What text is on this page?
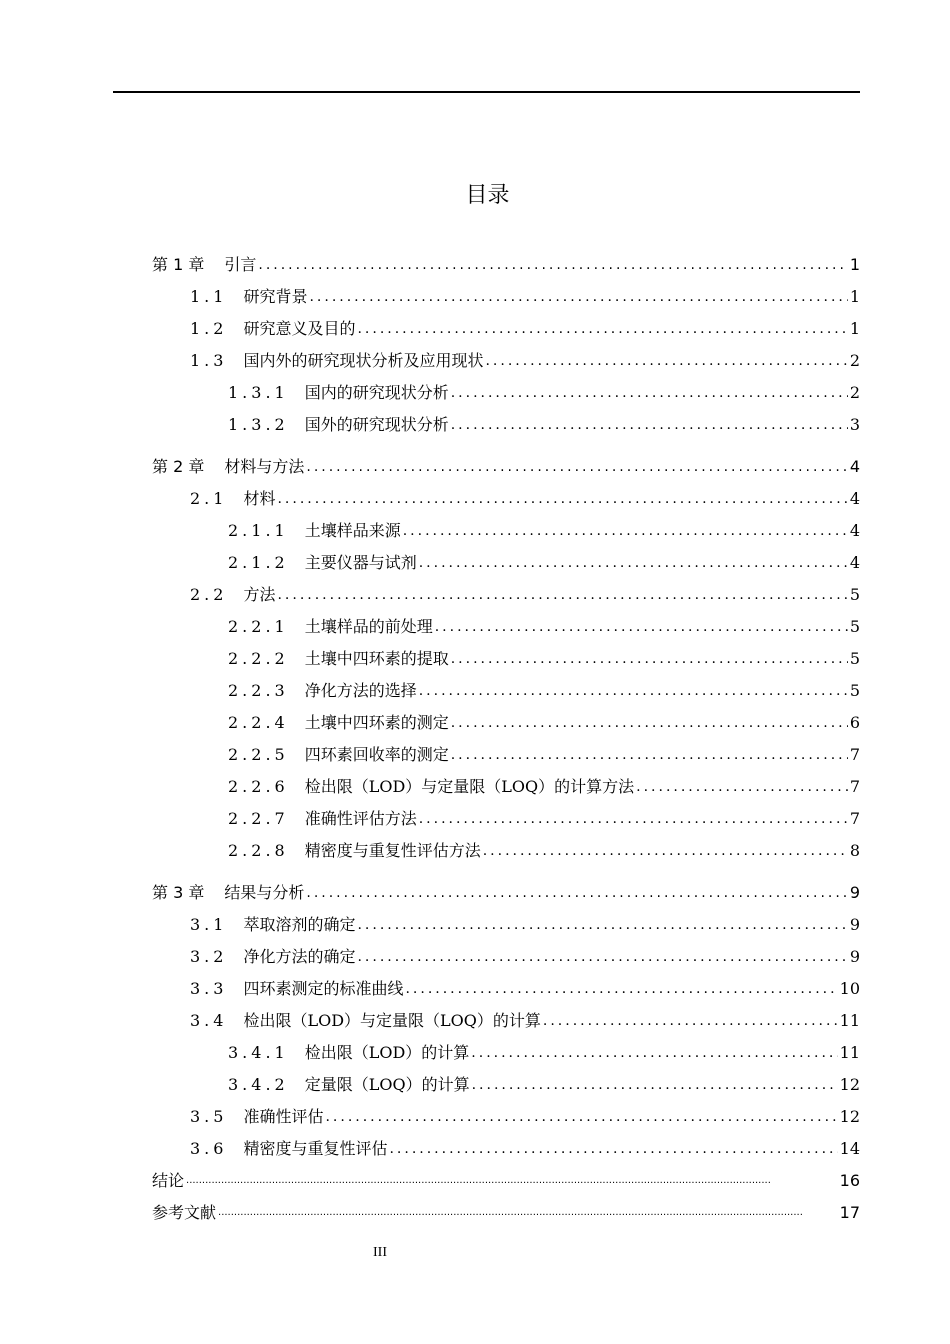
目录
第 1 章 引言 .....	1
1.1 研究背景 .....	1
1.2 研究意义及目的 .....	1
1.3 国内外的研究现状分析及应用现状 .....	2
1.3.1 国内的研究现状分析 .....	2
1.3.2 国外的研究现状分析 .....	3
第 2 章 材料与方法 .....	4
2.1 材料 .....	4
2.1.1 土壤样品来源 .....	4
2.1.2 主要仪器与试剂 .....	4
2.2 方法 .....	5
2.2.1 土壤样品的前处理 .....	5
2.2.2 土壤中四环素的提取 .....	5
2.2.3 净化方法的选择 .....	5
2.2.4 土壤中四环素的测定 .....	6
2.2.5 四环素回收率的测定 .....	7
2.2.6 检出限（LOD）与定量限（LOQ）的计算方法 .....	7
2.2.7 准确性评估方法 .....	7
2.2.8 精密度与重复性评估方法 .....	8
第 3 章 结果与分析 .....	9
3.1 萃取溶剂的确定 .....	9
3.2 净化方法的确定 .....	9
3.3 四环素测定的标准曲线 .....	10
3.4 检出限（LOD）与定量限（LOQ）的计算 .....	11
3.4.1 检出限（LOD）的计算 .....	11
3.4.2 定量限（LOQ）的计算 .....	12
3.5 准确性评估 .....	12
3.6 精密度与重复性评估 .....	14
结论 .....	16
参考文献 .....	17
III
